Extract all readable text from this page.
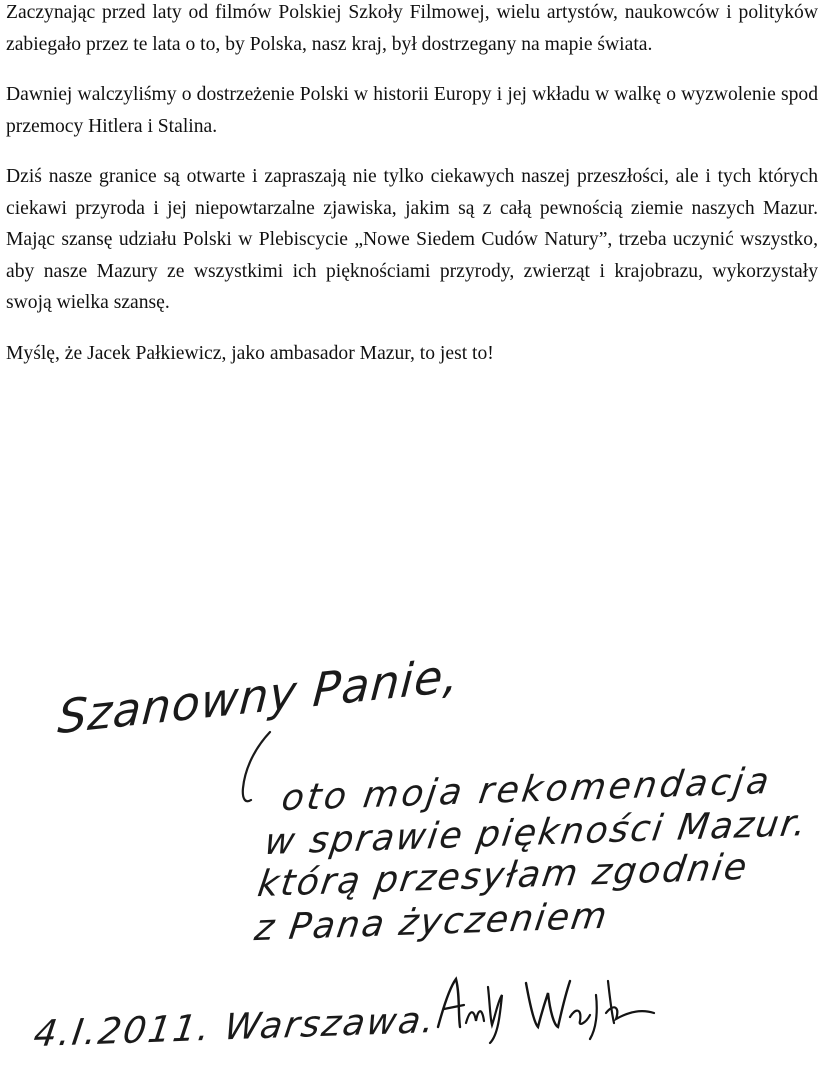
Zaczynając przed laty od filmów Polskiej Szkoły Filmowej, wielu artystów, naukowców i polityków zabiegało przez te lata o to, by Polska, nasz kraj, był dostrzegany na mapie świata.

Dawniej walczyliśmy o dostrzeżenie Polski w historii Europy i jej wkładu w walkę o wyzwolenie spod przemocy Hitlera i Stalina.

Dziś nasze granice są otwarte i zapraszają nie tylko ciekawych naszej przeszłości, ale i tych których ciekawi przyroda i jej niepowtarzalne zjawiska, jakim są z całą pewnością ziemie naszych Mazur. Mając szansę udziału Polski w Plebiscycie „Nowe Siedem Cudów Natury”, trzeba uczynić wszystko, aby nasze Mazury ze wszystkimi ich pięknościami przyrody, zwierząt i krajobrazu, wykorzystały swoją wielka szansę.

Myślę, że Jacek Pałkiewicz, jako ambasador Mazur, to jest to!

Szanowny Panie,
oto moja rekomendacja
w sprawie piękności Mazur.
którą przesyłam zgodnie
z Pana życzeniem
4.I.2011. Warszawa.
